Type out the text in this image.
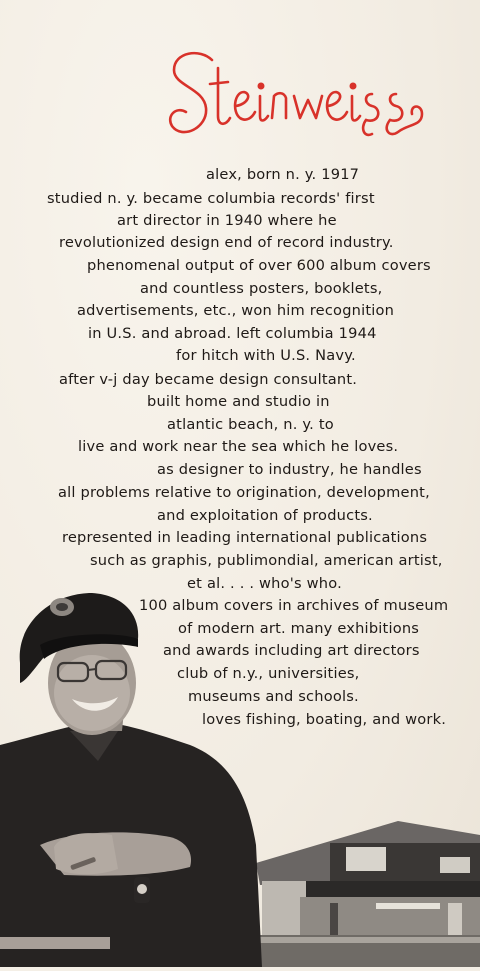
alex, born n. y. 1917
studied n. y. became columbia records' first
art director in 1940 where he
revolutionized design end of record industry.
phenomenal output of over 600 album covers
and countless posters, booklets,
advertisements, etc., won him recognition
in U.S. and abroad. left columbia 1944
for hitch with U.S. Navy.
after v-j day became design consultant.
built home and studio in
atlantic beach, n. y. to
live and work near the sea which he loves.
as designer to industry, he handles
all problems relative to origination, development,
and exploitation of products.
represented in leading international publications
such as graphis, publimondial, american artist,
et al. . . . who's who.
100 album covers in archives of museum
of modern art. many exhibitions
and awards including art directors
club of n.y., universities,
museums and schools.
loves fishing, boating, and work.
